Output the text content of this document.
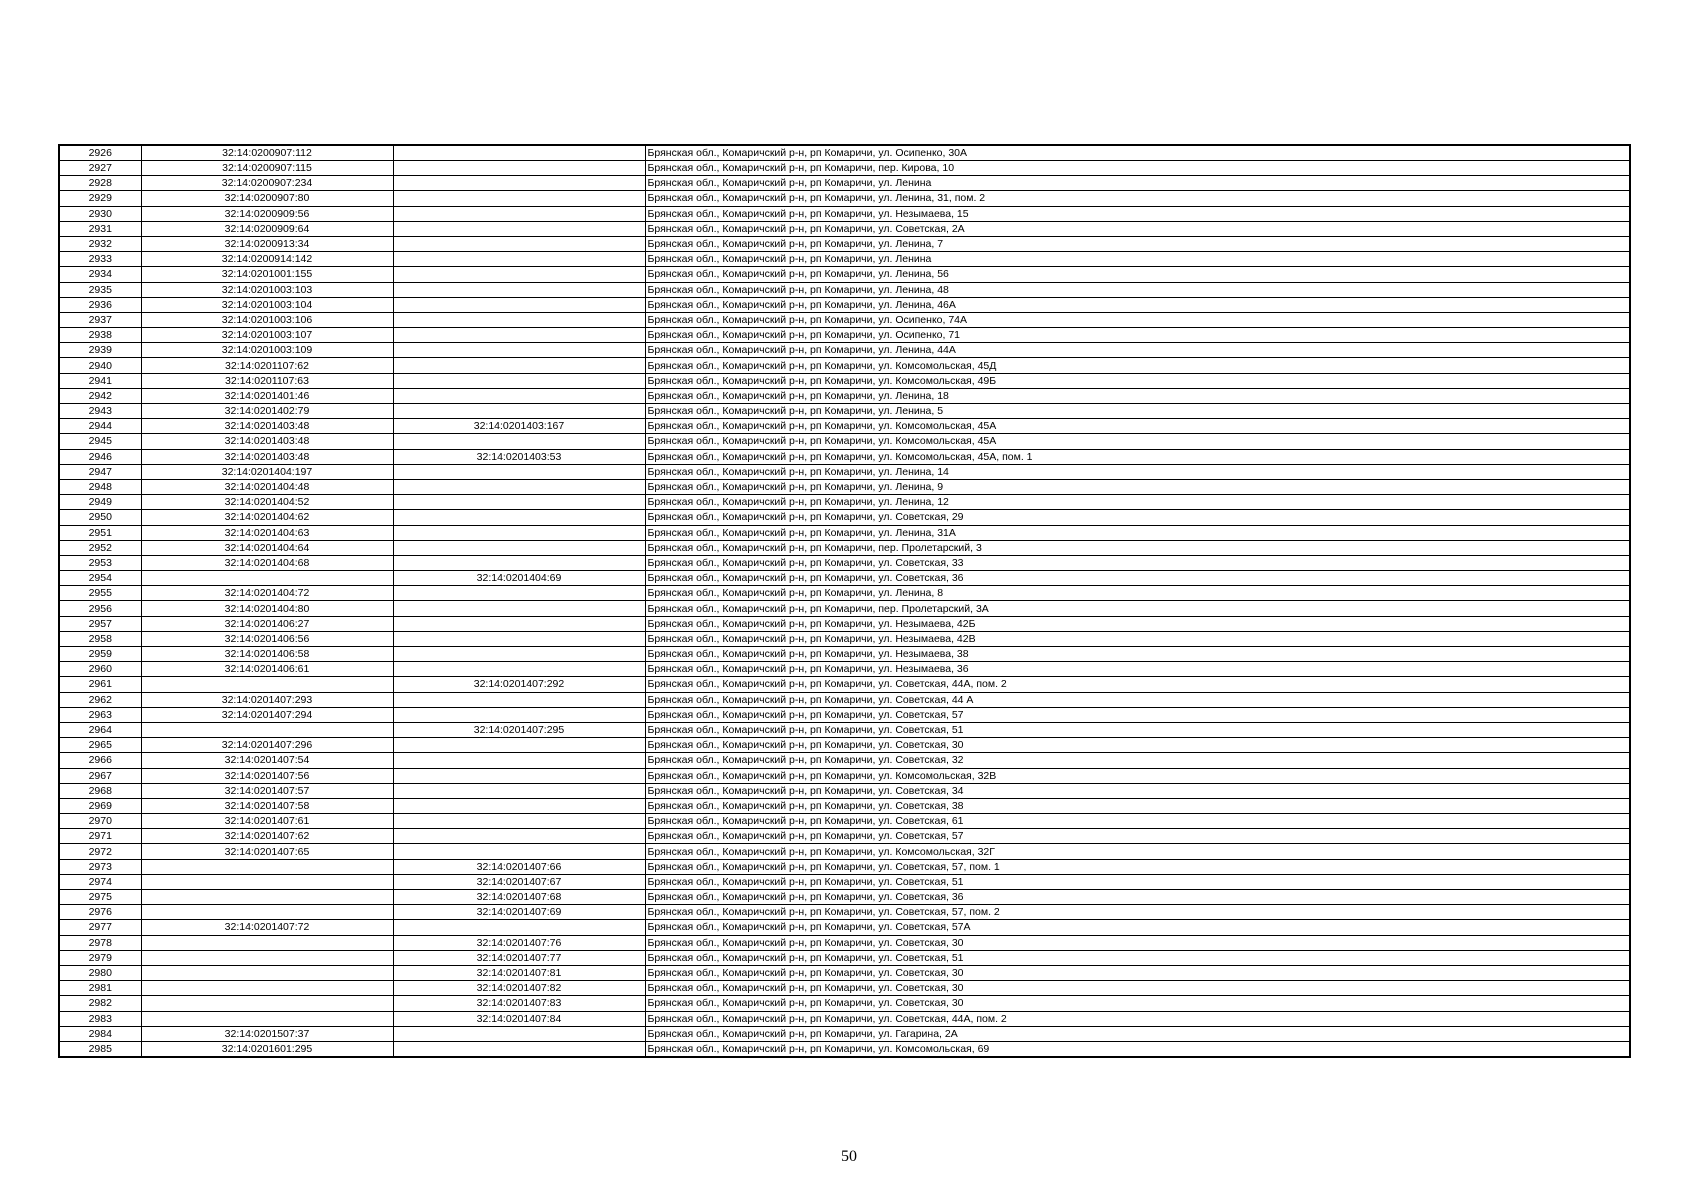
2926	32:14:0200907:112		Брянская обл., Комаричский р-н, рп Комаричи, ул. Осипенко, 30А
2927	32:14:0200907:115		Брянская обл., Комаричский р-н, рп Комаричи, пер. Кирова, 10
2928	32:14:0200907:234		Брянская обл., Комаричский р-н, рп Комаричи, ул. Ленина
2929	32:14:0200907:80		Брянская обл., Комаричский р-н, рп Комаричи, ул. Ленина, 31, пом. 2
2930	32:14:0200909:56		Брянская обл., Комаричский р-н, рп Комаричи, ул. Незымаева, 15
2931	32:14:0200909:64		Брянская обл., Комаричский р-н, рп Комаричи, ул. Советская, 2А
2932	32:14:0200913:34		Брянская обл., Комаричский р-н, рп Комаричи, ул. Ленина, 7
2933	32:14:0200914:142		Брянская обл., Комаричский р-н, рп Комаричи, ул. Ленина
2934	32:14:0201001:155		Брянская обл., Комаричский р-н, рп Комаричи, ул. Ленина, 56
2935	32:14:0201003:103		Брянская обл., Комаричский р-н, рп Комаричи, ул. Ленина, 48
2936	32:14:0201003:104		Брянская обл., Комаричский р-н, рп Комаричи, ул. Ленина, 46А
2937	32:14:0201003:106		Брянская обл., Комаричский р-н, рп Комаричи, ул. Осипенко, 74А
2938	32:14:0201003:107		Брянская обл., Комаричский р-н, рп Комаричи, ул. Осипенко, 71
2939	32:14:0201003:109		Брянская обл., Комаричский р-н, рп Комаричи, ул. Ленина, 44А
2940	32:14:0201107:62		Брянская обл., Комаричский р-н, рп Комаричи, ул. Комсомольская, 45Д
2941	32:14:0201107:63		Брянская обл., Комаричский р-н, рп Комаричи, ул. Комсомольская, 49Б
2942	32:14:0201401:46		Брянская обл., Комаричский р-н, рп Комаричи, ул. Ленина, 18
2943	32:14:0201402:79		Брянская обл., Комаричский р-н, рп Комаричи, ул. Ленина, 5
2944	32:14:0201403:48	32:14:0201403:167	Брянская обл., Комаричский р-н, рп Комаричи, ул. Комсомольская, 45А
2945	32:14:0201403:48		Брянская обл., Комаричский р-н, рп Комаричи, ул. Комсомольская, 45А
2946	32:14:0201403:48	32:14:0201403:53	Брянская обл., Комаричский р-н, рп Комаричи, ул. Комсомольская, 45А, пом. 1
2947	32:14:0201404:197		Брянская обл., Комаричский р-н, рп Комаричи, ул. Ленина, 14
2948	32:14:0201404:48		Брянская обл., Комаричский р-н, рп Комаричи, ул. Ленина, 9
2949	32:14:0201404:52		Брянская обл., Комаричский р-н, рп Комаричи, ул. Ленина, 12
2950	32:14:0201404:62		Брянская обл., Комаричский р-н, рп Комаричи, ул. Советская, 29
2951	32:14:0201404:63		Брянская обл., Комаричский р-н, рп Комаричи, ул. Ленина, 31А
2952	32:14:0201404:64		Брянская обл., Комаричский р-н, рп Комаричи, пер. Пролетарский, 3
2953	32:14:0201404:68		Брянская обл., Комаричский р-н, рп Комаричи, ул. Советская, 33
2954		32:14:0201404:69	Брянская обл., Комаричский р-н, рп Комаричи, ул. Советская, 36
2955	32:14:0201404:72		Брянская обл., Комаричский р-н, рп Комаричи, ул. Ленина, 8
2956	32:14:0201404:80		Брянская обл., Комаричский р-н, рп Комаричи, пер. Пролетарский, 3А
2957	32:14:0201406:27		Брянская обл., Комаричский р-н, рп Комаричи, ул. Незымаева, 42Б
2958	32:14:0201406:56		Брянская обл., Комаричский р-н, рп Комаричи, ул. Незымаева, 42В
2959	32:14:0201406:58		Брянская обл., Комаричский р-н, рп Комаричи, ул. Незымаева, 38
2960	32:14:0201406:61		Брянская обл., Комаричский р-н, рп Комаричи, ул. Незымаева, 36
2961		32:14:0201407:292	Брянская обл., Комаричский р-н, рп Комаричи, ул. Советская, 44А, пом. 2
2962	32:14:0201407:293		Брянская обл., Комаричский р-н, рп Комаричи, ул. Советская, 44 А
2963	32:14:0201407:294		Брянская обл., Комаричский р-н, рп Комаричи, ул. Советская, 57
2964		32:14:0201407:295	Брянская обл., Комаричский р-н, рп Комаричи, ул. Советская, 51
2965	32:14:0201407:296		Брянская обл., Комаричский р-н, рп Комаричи, ул. Советская, 30
2966	32:14:0201407:54		Брянская обл., Комаричский р-н, рп Комаричи, ул. Советская, 32
2967	32:14:0201407:56		Брянская обл., Комаричский р-н, рп Комаричи, ул. Комсомольская, 32В
2968	32:14:0201407:57		Брянская обл., Комаричский р-н, рп Комаричи, ул. Советская, 34
2969	32:14:0201407:58		Брянская обл., Комаричский р-н, рп Комаричи, ул. Советская, 38
2970	32:14:0201407:61		Брянская обл., Комаричский р-н, рп Комаричи, ул. Советская, 61
2971	32:14:0201407:62		Брянская обл., Комаричский р-н, рп Комаричи, ул. Советская, 57
2972	32:14:0201407:65		Брянская обл., Комаричский р-н, рп Комаричи, ул. Комсомольская, 32Г
2973		32:14:0201407:66	Брянская обл., Комаричский р-н, рп Комаричи, ул. Советская, 57, пом. 1
2974		32:14:0201407:67	Брянская обл., Комаричский р-н, рп Комаричи, ул. Советская, 51
2975		32:14:0201407:68	Брянская обл., Комаричский р-н, рп Комаричи, ул. Советская, 36
2976		32:14:0201407:69	Брянская обл., Комаричский р-н, рп Комаричи, ул. Советская, 57, пом. 2
2977	32:14:0201407:72		Брянская обл., Комаричский р-н, рп Комаричи, ул. Советская, 57А
2978		32:14:0201407:76	Брянская обл., Комаричский р-н, рп Комаричи, ул. Советская, 30
2979		32:14:0201407:77	Брянская обл., Комаричский р-н, рп Комаричи, ул. Советская, 51
2980		32:14:0201407:81	Брянская обл., Комаричский р-н, рп Комаричи, ул. Советская, 30
2981		32:14:0201407:82	Брянская обл., Комаричский р-н, рп Комаричи, ул. Советская, 30
2982		32:14:0201407:83	Брянская обл., Комаричский р-н, рп Комаричи, ул. Советская, 30
2983		32:14:0201407:84	Брянская обл., Комаричский р-н, рп Комаричи, ул. Советская, 44А, пом. 2
2984	32:14:0201507:37		Брянская обл., Комаричский р-н, рп Комаричи, ул. Гагарина, 2А
2985	32:14:0201601:295		Брянская обл., Комаричский р-н, рп Комаричи, ул. Комсомольская, 69
50
